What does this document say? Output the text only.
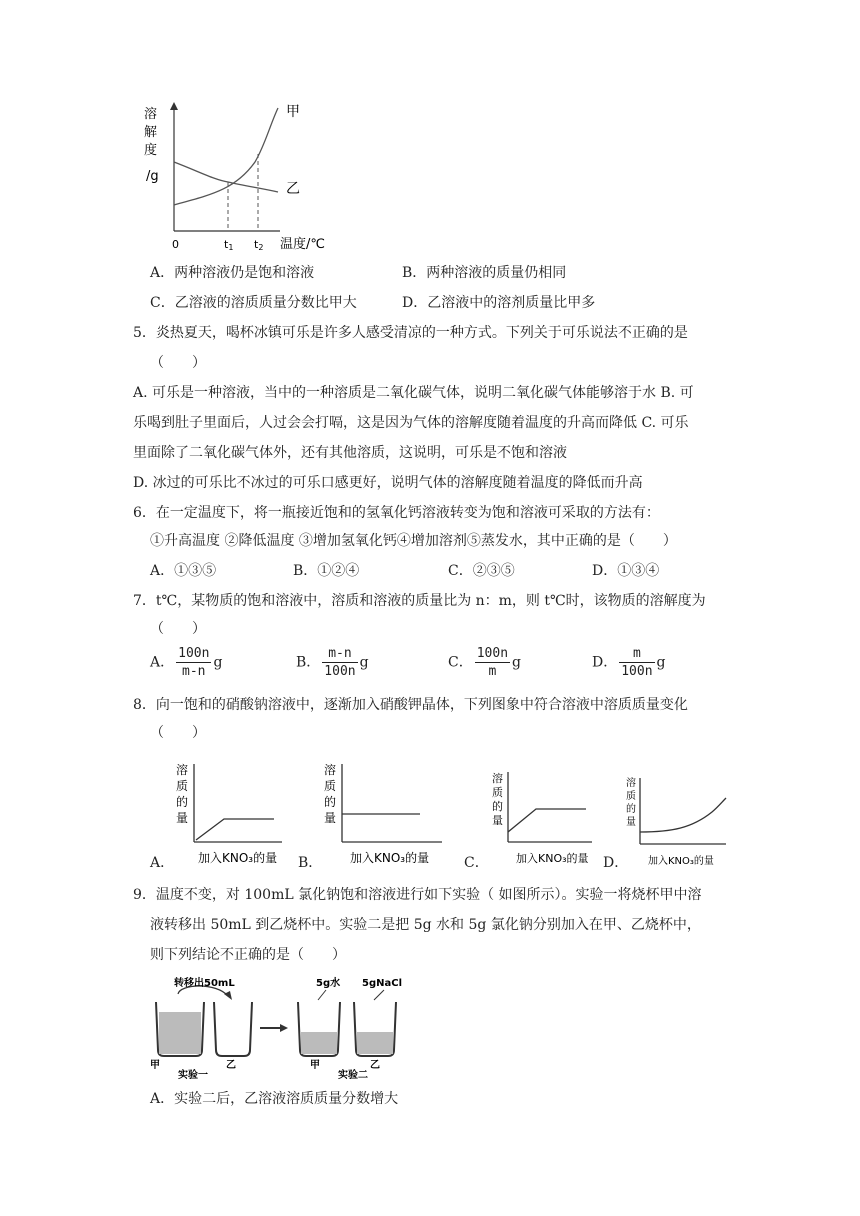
溶
解
度
/g
甲
乙
0	t1 t2 温度/℃
A．两种溶液仍是饱和溶液	B．两种溶液的质量仍相同
C．乙溶液的溶质质量分数比甲大	D．乙溶液中的溶剂质量比甲多
5．炎热夏天，喝杯冰镇可乐是许多人感受清凉的一种方式。下列关于可乐说法不正确的是
（　　）
A. 可乐是一种溶液，当中的一种溶质是二氧化碳气体，说明二氧化碳气体能够溶于水 B. 可
乐喝到肚子里面后，人过会会打嗝，这是因为气体的溶解度随着温度的升高而降低 C. 可乐
里面除了二氧化碳气体外，还有其他溶质，这说明，可乐是不饱和溶液
D. 冰过的可乐比不冰过的可乐口感更好，说明气体的溶解度随着温度的降低而升高
6．在一定温度下，将一瓶接近饱和的氢氧化钙溶液转变为饱和溶液可采取的方法有：
①升高温度 ②降低温度 ③增加氢氧化钙④增加溶剂⑤蒸发水，其中正确的是（　　）
A．①③⑤	B．①②④	C．②③⑤	D．①③④
7．t℃，某物质的饱和溶液中，溶质和溶液的质量比为 n：m，则 t℃时，该物质的溶解度为
（　　）
A． $\frac{100n}{m-n}$ g	B． $\frac{m-n}{100n}$ g	C． $\frac{100n}{m}$ g	D． $\frac{m}{100n}$ g
8．向一饱和的硝酸钠溶液中，逐渐加入硝酸钾晶体，下列图象中符合溶液中溶质质量变化
（　　）
溶
质
的
量
加入KNO₃的量
A．
溶
质
的
量
加入KNO₃的量
B．
溶
质
的
量
加入KNO₃的量
C．
溶
质
的
量
加入KNO₃的量
D．
9．温度不变，对 100mL 氯化钠饱和溶液进行如下实验（ 如图所示）。实验一将烧杯甲中溶
液转移出 50mL 到乙烧杯中。实验二是把 5g 水和 5g 氯化钠分别加入在甲、乙烧杯中，
则下列结论不正确的是（　　）
转移出50mL	5g水 5gNaCl
甲	乙
实验一
甲	乙
实验二
A．实验二后，乙溶液溶质质量分数增大
